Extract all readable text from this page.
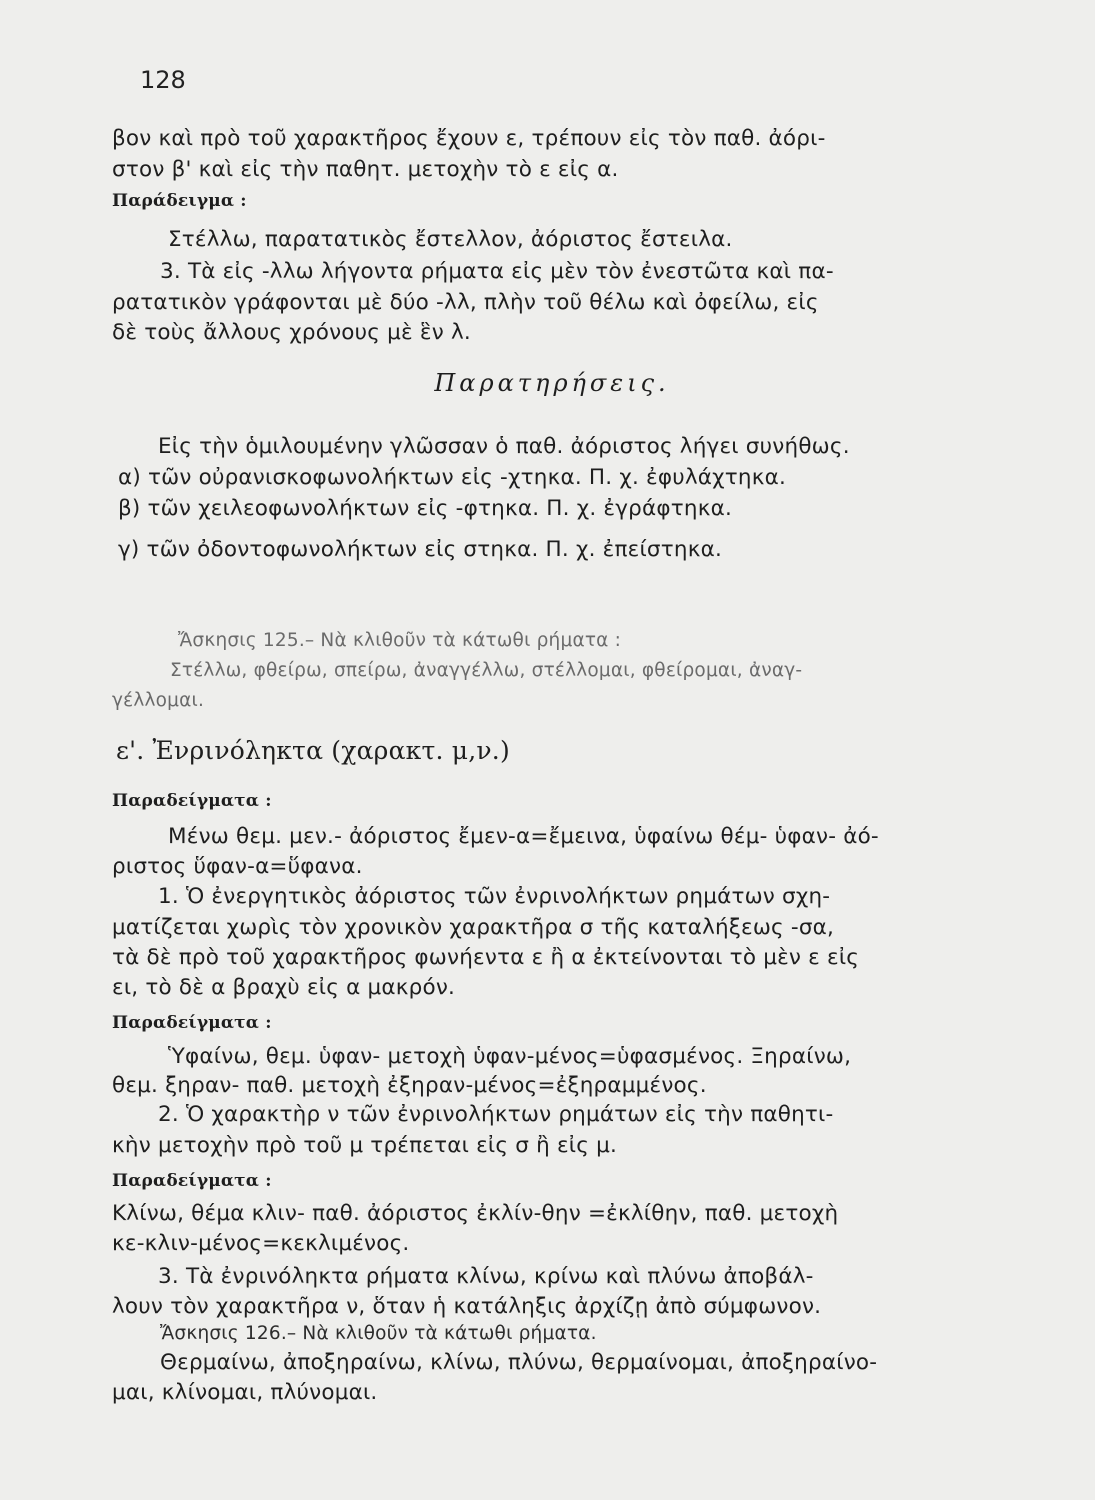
128
βον καὶ πρὸ τοῦ χαρακτῆρος ἔχουν ε, τρέπουν εἰς τὸν παθ. ἀόρι-
στον β' καὶ εἰς τὴν παθητ. μετοχὴν τὸ ε εἰς α.
Παράδειγμα :
Στέλλω, παρατατικὸς ἔστελλον, ἀόριστος ἔστειλα.
3. Τὰ εἰς -λλω λήγοντα ρήματα εἰς μὲν τὸν ἐνεστῶτα καὶ πα-
ρατατικὸν γράφονται μὲ δύο -λλ, πλὴν τοῦ θέλω καὶ ὀφείλω, εἰς
δὲ τοὺς ἄλλους χρόνους μὲ ἓν λ.
Παρατηρήσεις.
Εἰς τὴν ὁμιλουμένην γλῶσσαν ὁ παθ. ἀόριστος λήγει συνήθως.
α) τῶν οὐρανισκοφωνολήκτων εἰς -χτηκα. Π. χ. ἐφυλάχτηκα.
β) τῶν χειλεοφωνολήκτων εἰς -φτηκα. Π. χ. ἐγράφτηκα.
γ) τῶν ὀδοντοφωνολήκτων εἰς στηκα. Π. χ. ἐπείστηκα.
Ἄσκησις 125.– Νὰ κλιθοῦν τὰ κάτωθι ρήματα :
Στέλλω, φθείρω, σπείρω, ἀναγγέλλω, στέλλομαι, φθείρομαι, ἀναγ-
γέλλομαι.
ε'. Ἐνρινόληκτα (χαρακτ. μ,ν.)
Παραδείγματα :
Μένω θεμ. μεν.- ἀόριστος ἔμεν-α=ἔμεινα, ὑφαίνω θέμ- ὑφαν- ἀό-
ριστος ὕφαν-α=ὕφανα.
1. Ὁ ἐνεργητικὸς ἀόριστος τῶν ἐνρινολήκτων ρημάτων σχη-
ματίζεται χωρὶς τὸν χρονικὸν χαρακτῆρα σ τῆς καταλήξεως -σα,
τὰ δὲ πρὸ τοῦ χαρακτῆρος φωνήεντα ε ἢ α ἐκτείνονται τὸ μὲν ε εἰς
ει, τὸ δὲ α βραχὺ εἰς α μακρόν.
Παραδείγματα :
Ὑφαίνω, θεμ. ὑφαν- μετοχὴ ὑφαν-μένος=ὑφασμένος. Ξηραίνω,
θεμ. ξηραν- παθ. μετοχὴ ἐξηραν-μένος=ἐξηραμμένος.
2. Ὁ χαρακτὴρ ν τῶν ἐνρινολήκτων ρημάτων εἰς τὴν παθητι-
κὴν μετοχὴν πρὸ τοῦ μ τρέπεται εἰς σ ἢ εἰς μ.
Παραδείγματα :
Κλίνω, θέμα κλιν- παθ. ἀόριστος ἐκλίν-θην =ἐκλίθην, παθ. μετοχὴ
κε-κλιν-μένος=κεκλιμένος.
3. Τὰ ἐνρινόληκτα ρήματα κλίνω, κρίνω καὶ πλύνω ἀποβάλ-
λουν τὸν χαρακτῆρα ν, ὅταν ἡ κατάληξις ἀρχίζῃ ἀπὸ σύμφωνον.
Ἄσκησις 126.– Νὰ κλιθοῦν τὰ κάτωθι ρήματα.
Θερμαίνω, ἀποξηραίνω, κλίνω, πλύνω, θερμαίνομαι, ἀποξηραίνο-
μαι, κλίνομαι, πλύνομαι.
